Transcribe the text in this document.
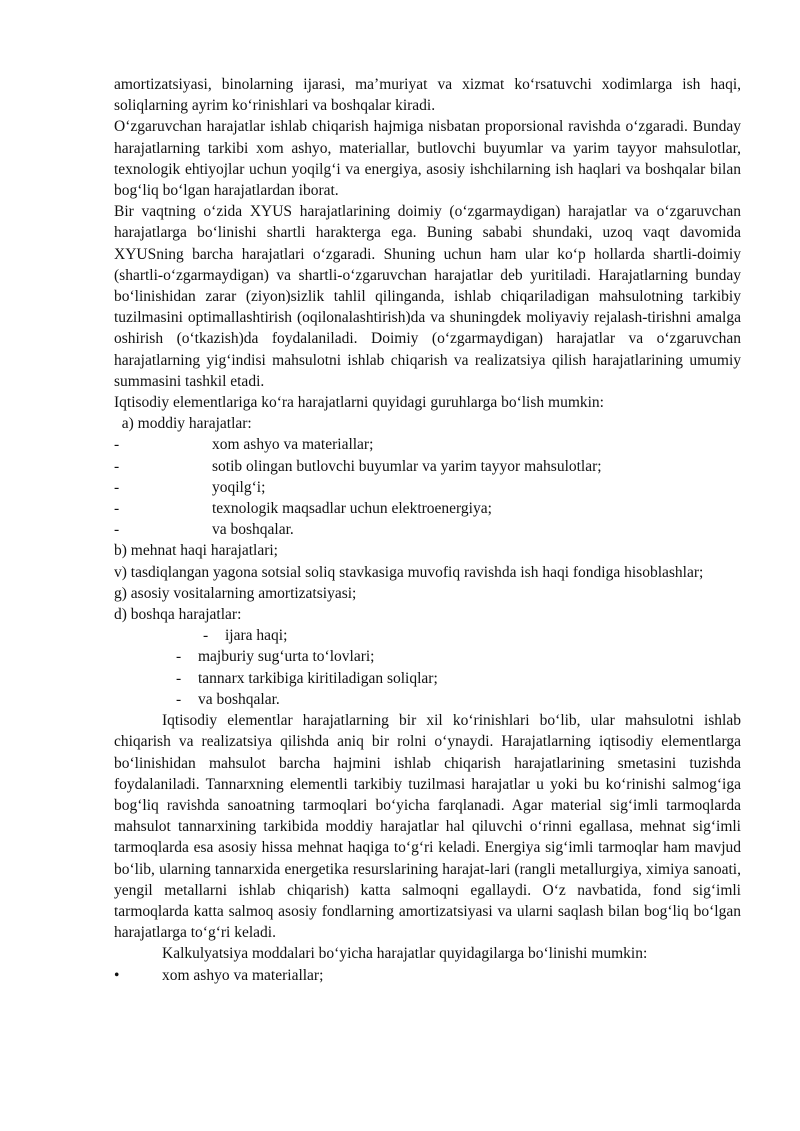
amortizatsiyasi, binolarning ijarasi, ma’muriyat va xizmat ko‘rsatuvchi xodimlarga ish haqi, soliqlarning ayrim ko‘rinishlari va boshqalar kiradi.

O‘zgaruvchan harajatlar ishlab chiqarish hajmiga nisbatan proporsional ravishda o‘zgaradi. Bunday harajatlarning tarkibi xom ashyo, materiallar, butlovchi buyumlar va yarim tayyor mahsulotlar, texnologik ehtiyojlar uchun yoqilg‘i va energiya, asosiy ishchilarning ish haqlari va boshqalar bilan bog‘liq bo‘lgan harajatlardan iborat.

Bir vaqtning o‘zida XYUS harajatlarining doimiy (o‘zgarmaydigan) harajatlar va o‘zgaruvchan harajatlarga bo‘linishi shartli harakterga ega. Buning sababi shundaki, uzoq vaqt davomida XYUSning barcha harajatlari o‘zgaradi. Shuning uchun ham ular ko‘p hollarda shartli-doimiy (shartli-o‘zgarmaydigan) va shartli-o‘zgaruvchan harajatlar deb yuritiladi. Harajatlarning bunday bo‘linishidan zarar (ziyon)sizlik tahlil qilinganda, ishlab chiqariladigan mahsulotning tarkibiy tuzilmasini optimallashtirish (oqilonalashtirish)da va shuningdek moliyaviy rejalash-tirishni amalga oshirish (o‘tkazish)da foydalaniladi. Doimiy (o‘zgarmaydigan) harajatlar va o‘zgaruvchan harajatlarning yig‘indisi mahsulotni ishlab chiqarish va realizatsiya qilish harajatlarining umumiy summasini tashkil etadi.

Iqtisodiy elementlariga ko‘ra harajatlarni quyidagi guruhlarga bo‘lish mumkin:

a) moddiy harajatlar:

-	xom ashyo va materiallar;
-	sotib olingan butlovchi buyumlar va yarim tayyor mahsulotlar;
-	yoqilg‘i;
-	texnologik maqsadlar uchun elektroenergiya;
-	va boshqalar.

b) mehnat haqi harajatlari;

v) tasdiqlangan yagona sotsial soliq stavkasiga muvofiq ravishda ish haqi fondiga hisoblashlar;

g) asosiy vositalarning amortizatsiyasi;

d) boshqa harajatlar:

-	ijara haqi;
-	majburiy sug‘urta to‘lovlari;
-	tannarx tarkibiga kiritiladigan soliqlar;
-	va boshqalar.

Iqtisodiy elementlar harajatlarning bir xil ko‘rinishlari bo‘lib, ular mahsulotni ishlab chiqarish va realizatsiya qilishda aniq bir rolni o‘ynaydi. Harajatlarning iqtisodiy elementlarga bo‘linishidan mahsulot barcha hajmini ishlab chiqarish harajatlarining smetasini tuzishda foydalaniladi. Tannarxning elementli tarkibiy tuzilmasi harajatlar u yoki bu ko‘rinishi salmog‘iga bog‘liq ravishda sanoatning tarmoqlari bo‘yicha farqlanadi. Agar material sig‘imli tarmoqlarda mahsulot tannarxining tarkibida moddiy harajatlar hal qiluvchi o‘rinni egallasa, mehnat sig‘imli tarmoqlarda esa asosiy hissa mehnat haqiga to‘g‘ri keladi. Energiya sig‘imli tarmoqlar ham mavjud bo‘lib, ularning tannarxida energetika resurslarining harajat-lari (rangli metallurgiya, ximiya sanoati, yengil metallarni ishlab chiqarish) katta salmoqni egallaydi. O‘z navbatida, fond sig‘imli tarmoqlarda katta salmoq asosiy fondlarning amortizatsiyasi va ularni saqlash bilan bog‘liq bo‘lgan harajatlarga to‘g‘ri keladi.

Kalkulyatsiya moddalari bo‘yicha harajatlar quyidagilarga bo‘linishi mumkin:

•	xom ashyo va materiallar;
